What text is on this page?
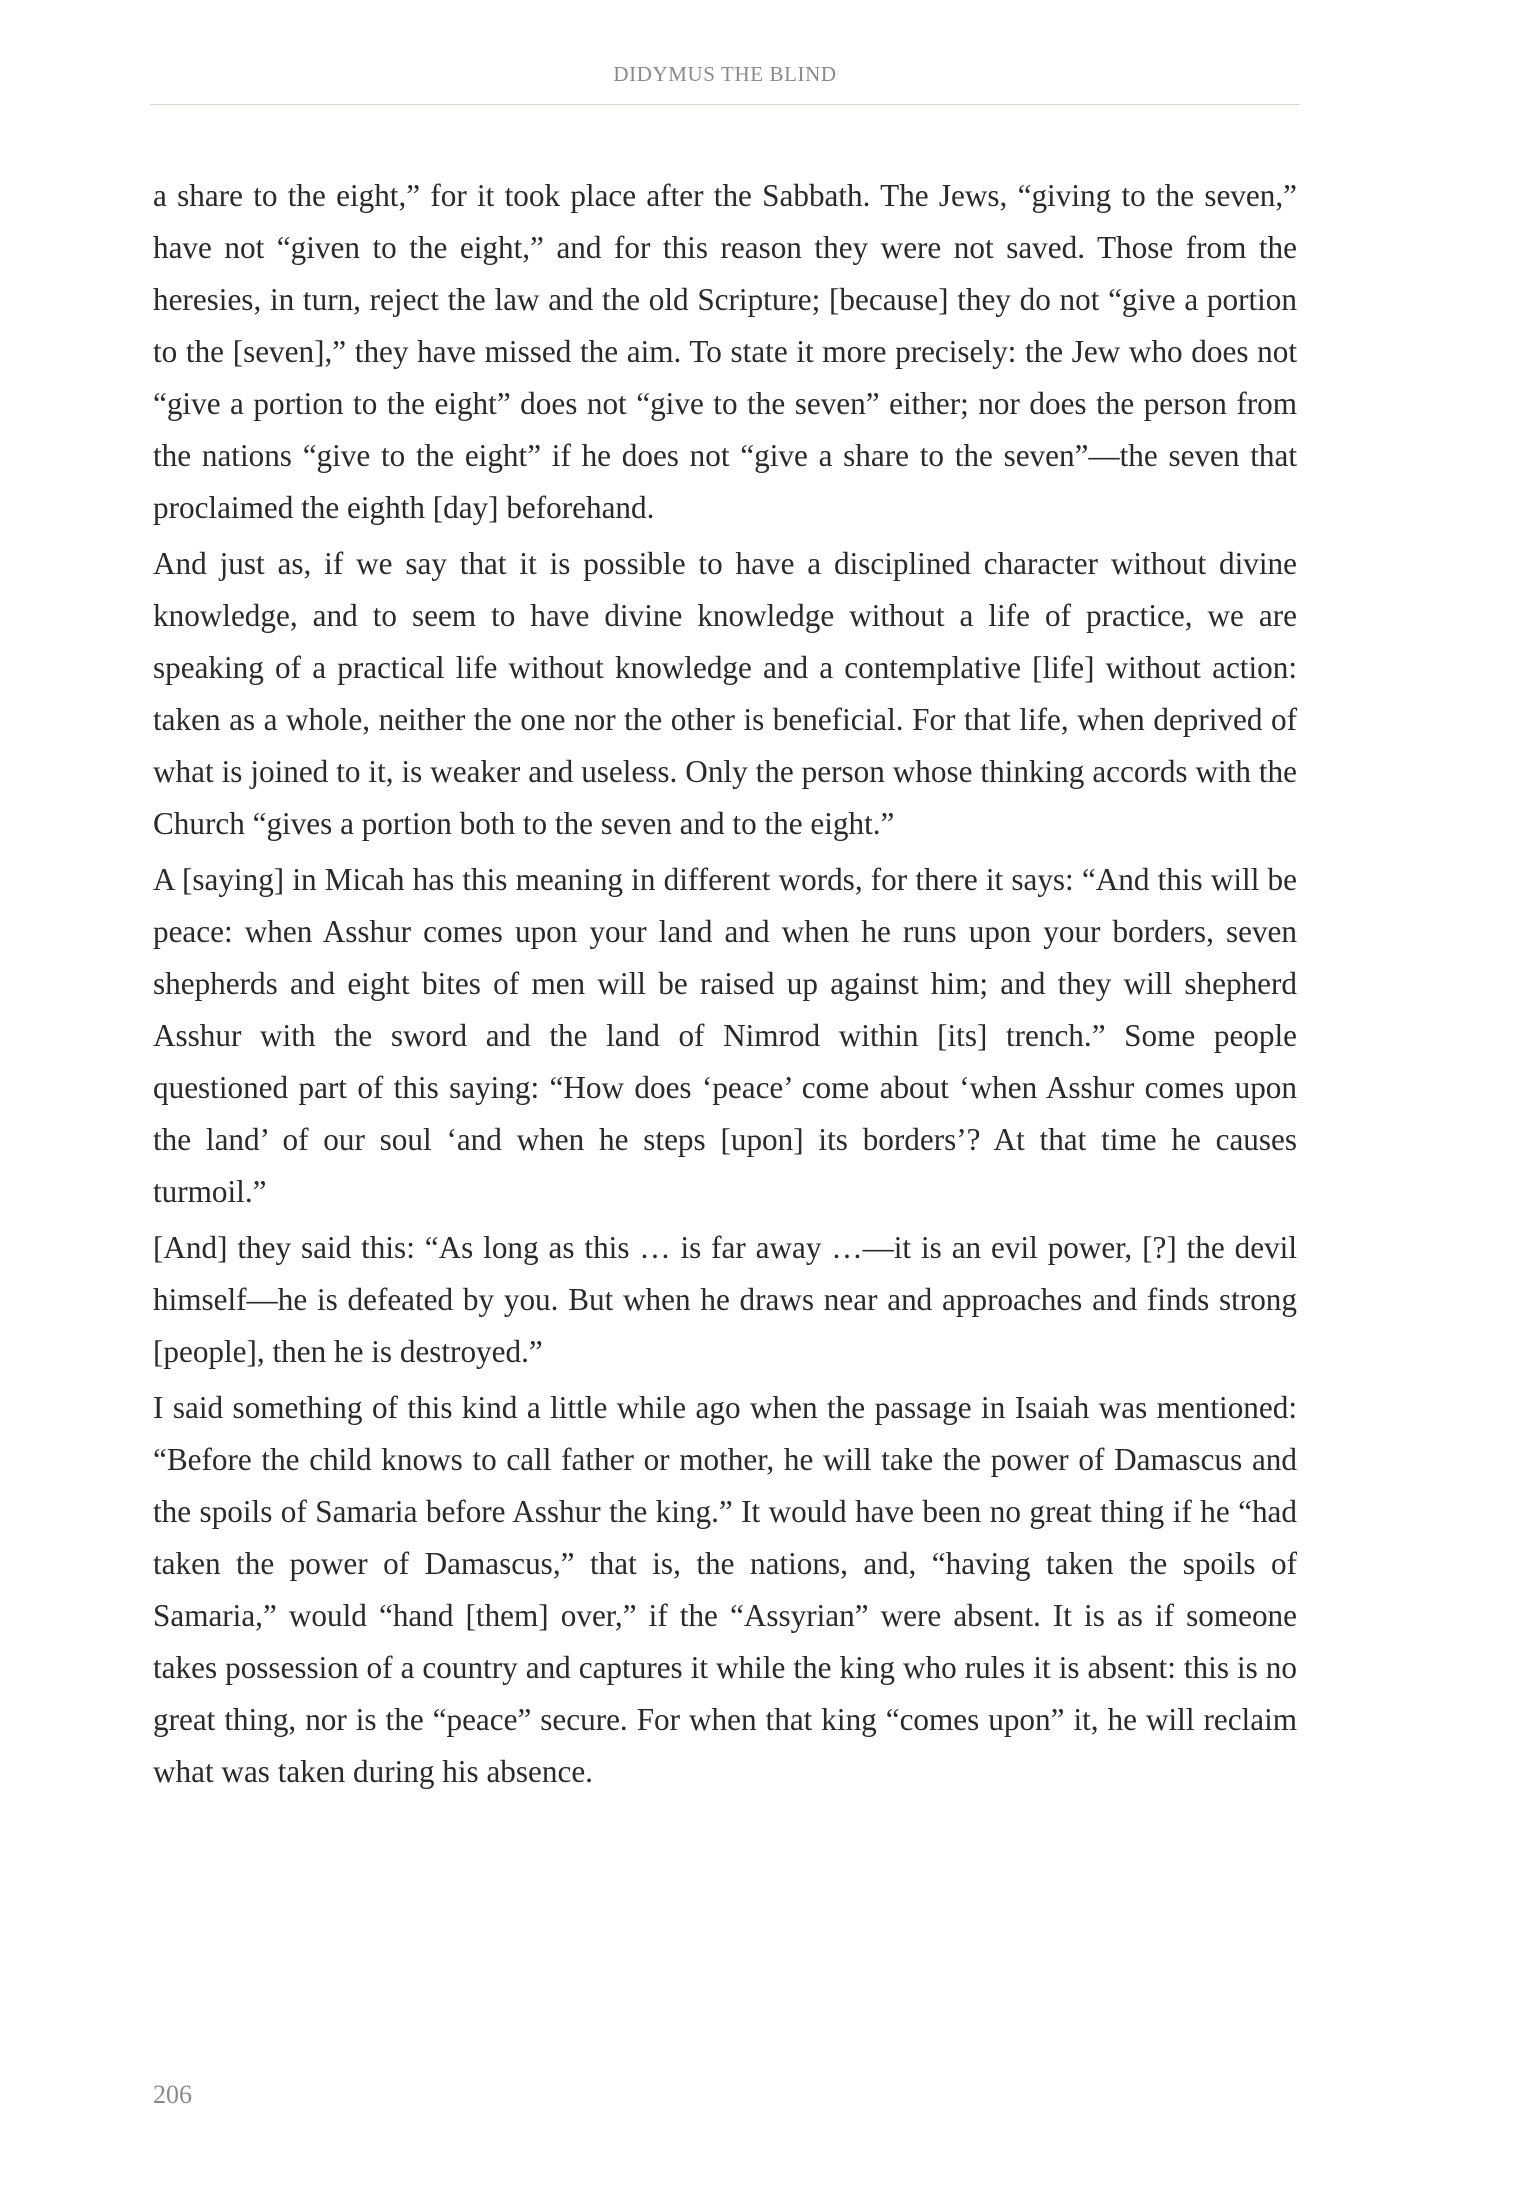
DIDYMUS THE BLIND

a share to the eight,” for it took place after the Sabbath. The Jews, “giving to the seven,” have not “given to the eight,” and for this reason they were not saved. Those from the heresies, in turn, reject the law and the old Scripture; [because] they do not “give a portion to the [seven],” they have missed the aim. To state it more precisely: the Jew who does not “give a portion to the eight” does not “give to the seven” either; nor does the person from the nations “give to the eight” if he does not “give a share to the seven”—the seven that proclaimed the eighth [day] beforehand.

And just as, if we say that it is possible to have a disciplined character without divine knowledge, and to seem to have divine knowledge without a life of practice, we are speaking of a practical life without knowledge and a contemplative [life] without action: taken as a whole, neither the one nor the other is beneficial. For that life, when deprived of what is joined to it, is weaker and useless. Only the person whose thinking accords with the Church “gives a portion both to the seven and to the eight.”

A [saying] in Micah has this meaning in different words, for there it says: “And this will be peace: when Asshur comes upon your land and when he runs upon your borders, seven shepherds and eight bites of men will be raised up against him; and they will shepherd Asshur with the sword and the land of Nimrod within [its] trench.” Some people questioned part of this saying: “How does ‘peace’ come about ‘when Asshur comes upon the land’ of our soul ‘and when he steps [upon] its borders’? At that time he causes turmoil.”

[And] they said this: “As long as this … is far away …—it is an evil power, [?] the devil himself—he is defeated by you. But when he draws near and approaches and finds strong [people], then he is destroyed.”

I said something of this kind a little while ago when the passage in Isaiah was mentioned: “Before the child knows to call father or mother, he will take the power of Damascus and the spoils of Samaria before Asshur the king.” It would have been no great thing if he “had taken the power of Damascus,” that is, the nations, and, “having taken the spoils of Samaria,” would “hand [them] over,” if the “Assyrian” were absent. It is as if someone takes possession of a country and captures it while the king who rules it is absent: this is no great thing, nor is the “peace” secure. For when that king “comes upon” it, he will reclaim what was taken during his absence.

206
